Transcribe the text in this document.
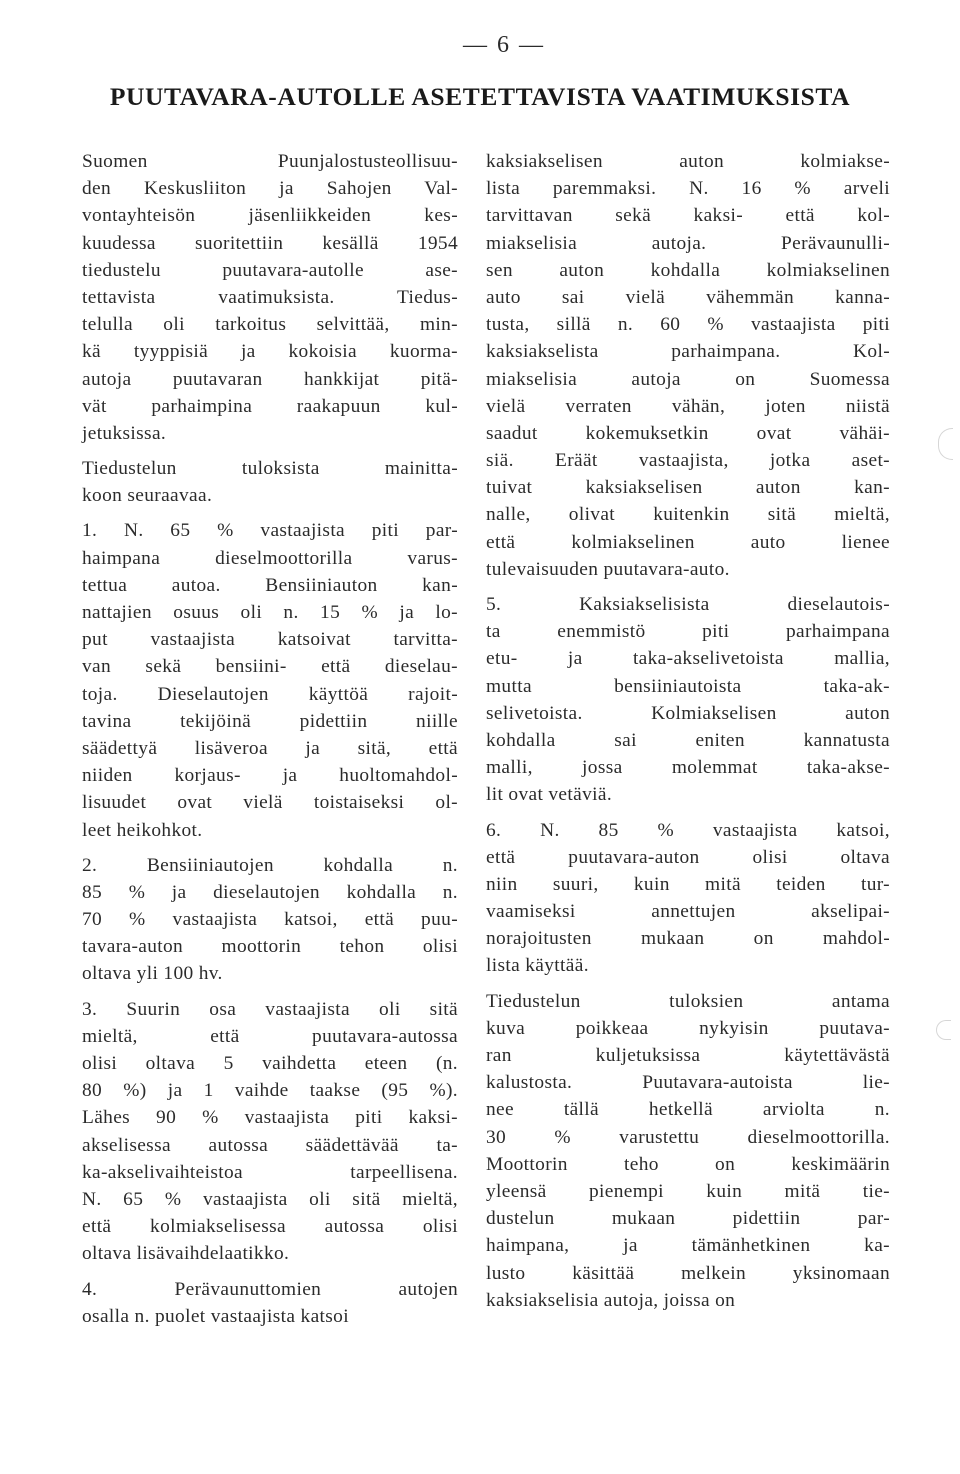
— 6 —
PUUTAVARA-AUTOLLE ASETETTAVISTA VAATIMUKSISTA
Suomen Puunjalostusteollisuu-
den Keskusliiton ja Sahojen Val-
vontayhteisön jäsenliikkeiden kes-
kuudessa suoritettiin kesällä 1954
tiedustelu puutavara-autolle ase-
tettavista vaatimuksista. Tiedus-
telulla oli tarkoitus selvittää, min-
kä tyyppisiä ja kokoisia kuorma-
autoja puutavaran hankkijat pitä-
vät parhaimpina raakapuun kul-
jetuksissa.
Tiedustelun tuloksista mainitta-
koon seuraavaa.
1. N. 65 % vastaajista piti par-
haimpana dieselmoottorilla varus-
tettua autoa. Bensiiniauton kan-
nattajien osuus oli n. 15 % ja lo-
put vastaajista katsoivat tarvitta-
van sekä bensiini- että dieselau-
toja. Dieselautojen käyttöä rajoit-
tavina tekijöinä pidettiin niille
säädettyä lisäveroa ja sitä, että
niiden korjaus- ja huoltomahdol-
lisuudet ovat vielä toistaiseksi ol-
leet heikohkot.
2. Bensiiniautojen kohdalla n.
85 % ja dieselautojen kohdalla n.
70 % vastaajista katsoi, että puu-
tavara-auton moottorin tehon olisi
oltava yli 100 hv.
3. Suurin osa vastaajista oli sitä
mieltä, että puutavara-autossa
olisi oltava 5 vaihdetta eteen (n.
80 %) ja 1 vaihde taakse (95 %).
Lähes 90 % vastaajista piti kaksi-
akselisessa autossa säädettävää ta-
ka-akselivaihteistoa tarpeellisena.
N. 65 % vastaajista oli sitä mieltä,
että kolmiakselisessa autossa olisi
oltava lisävaihdelaatikko.
4. Perävaunuttomien autojen
osalla n. puolet vastaajista katsoi
kaksiakselisen auton kolmiakse-
lista paremmaksi. N. 16 % arveli
tarvittavan sekä kaksi- että kol-
miakselisia autoja. Perävaunulli-
sen auton kohdalla kolmiakselinen
auto sai vielä vähemmän kanna-
tusta, sillä n. 60 % vastaajista piti
kaksiakselista parhaimpana. Kol-
miakselisia autoja on Suomessa
vielä verraten vähän, joten niistä
saadut kokemuksetkin ovat vähäi-
siä. Eräät vastaajista, jotka aset-
tuivat kaksiakselisen auton kan-
nalle, olivat kuitenkin sitä mieltä,
että kolmiakselinen auto lienee
tulevaisuuden puutavara-auto.
5. Kaksiakselisista dieselautois-
ta enemmistö piti parhaimpana
etu- ja taka-akselivetoista mallia,
mutta bensiiniautoista taka-ak-
selivetoista. Kolmiakselisen auton
kohdalla sai eniten kannatusta
malli, jossa molemmat taka-akse-
lit ovat vetäviä.
6. N. 85 % vastaajista katsoi,
että puutavara-auton olisi oltava
niin suuri, kuin mitä teiden tur-
vaamiseksi annettujen akselipai-
norajoitusten mukaan on mahdol-
lista käyttää.
Tiedustelun tuloksien antama
kuva poikkeaa nykyisin puutava-
ran kuljetuksissa käytettävästä
kalustosta. Puutavara-autoista lie-
nee tällä hetkellä arviolta n.
30 % varustettu dieselmoottorilla.
Moottorin teho on keskimäärin
yleensä pienempi kuin mitä tie-
dustelun mukaan pidettiin par-
haimpana, ja tämänhetkinen ka-
lusto käsittää melkein yksinomaan
kaksiakselisia autoja, joissa on
